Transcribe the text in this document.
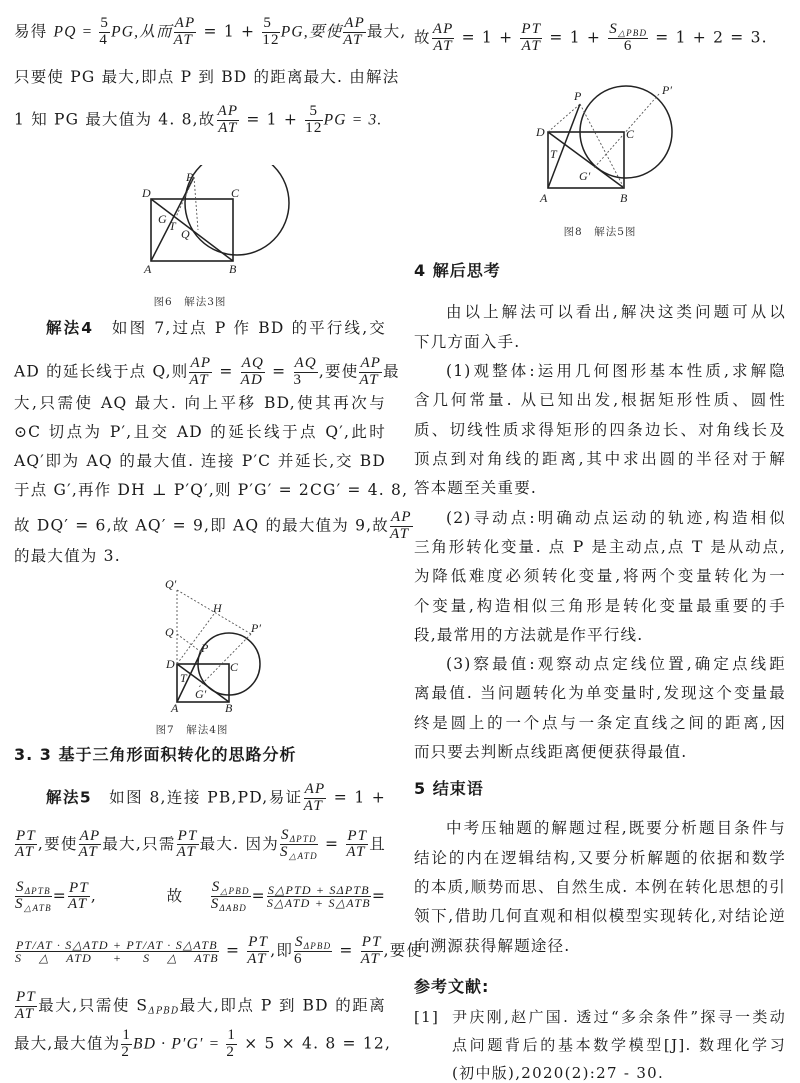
易得 PQ = $\frac{5}{4}$ PG,从而 $\frac{AP}{AT} = 1 + \frac{5}{12}$ PG,要使 $\frac{AP}{AT}$ 最大,
只要使 PG 最大,即点 P 到 BD 的距离最大. 由解法
1 知 PG 最大值为 4. 8,故 $\frac{AP}{AT} = 1 + \frac{5}{12}$ PG = 3.
D
P
C
G T
Q
A	B
图6　解法3图
解法4　 如图 7,过点 P 作 BD 的平行线,交
AD 的延长线于点 Q,则 $\frac{AP}{AT} = \frac{AQ}{AD} = \frac{AQ}{3}$ ,要使 $\frac{AP}{AT}$ 最
大,只需使 AQ 最大. 向上平移 BD,使其再次与
⊙C 切点为 P′,且交 AD 的延长线于点 Q′,此时
AQ′即为 AQ 的最大值. 连接 P′C 并延长,交 BD
于点 G′,再作 DH ⊥ P′Q′,则 P′G′ = 2CG′ = 4. 8,
故 DQ′ = 6,故 AQ′ = 9,即 AQ 的最大值为 9,故 $\frac{AP}{AT}$
的最大值为 3.
Q′
H
Q	P′
P
D	C
T
G′
A	B
图7　解法4图
3. 3 基于三角形面积转化的思路分析
解法5　 如图 8,连接 PB,PD,易证 $\frac{AP}{AT} = 1$ +
$\frac{PT}{AT}$ ,要使 $\frac{AP}{AT}$ 最大,只需 $\frac{PT}{AT}$ 最大. 因为 $\frac{S_{\Delta PTD}}{S_{\triangle ATD}} = \frac{PT}{AT}$ 且
$\frac{S_{\Delta PTB}}{S_{\triangle ATB}} = \frac{PT}{AT}$ ,　故 $\frac{S_{\triangle PBD}}{S_{\Delta ABD}} = \frac{\text{S△PTD + SΔPTB}}{\text{S△ATD + S△ATB}}$ =
$\frac{\text{PT/AT · S△ATD + PT/AT · S△ATB}}{\text{S△ATD + S△ATB}} = \frac{PT}{AT}$ ,即 $\frac{S_{\Delta PBD}}{6} = \frac{PT}{AT}$ ,要使
$\frac{PT}{AT}$ 最大,只需使 $S_{\Delta PBD}$最大,即点 P 到 BD 的距离
最大,最大值为 $\frac{1}{2}$ BD · $P'G' = \frac{1}{2} \times 5 \times 4$. 8 = 12,
故 $\frac{AP}{AT} = 1 + \frac{PT}{AT} = 1 + \frac{S_{\triangle PBD}}{6} = 1 + 2 = 3$.
P	P′
D	C
T
G′
A	B
图8　解法5图
4 解后思考
由以上解法可以看出,解决这类问题可从以
下几方面入手.
(1)观整体:运用几何图形基本性质,求解隐
含几何常量. 从已知出发,根据矩形性质、圆性
质、切线性质求得矩形的四条边长、对角线长及
顶点到对角线的距离,其中求出圆的半径对于解
答本题至关重要.
(2)寻动点:明确动点运动的轨迹,构造相似
三角形转化变量. 点 P 是主动点,点 T 是从动点,
为降低难度必须转化变量,将两个变量转化为一
个变量,构造相似三角形是转化变量最重要的手
段,最常用的方法就是作平行线.
(3)察最值:观察动点定线位置,确定点线距
离最值. 当问题转化为单变量时,发现这个变量最
终是圆上的一个点与一条定直线之间的距离,因
而只要去判断点线距离便便获得最值.
5 结束语
中考压轴题的解题过程,既要分析题目条件与
结论的内在逻辑结构,又要分析解题的依据和数学
的本质,顺势而思、自然生成. 本例在转化思想的引
领下,借助几何直观和相似模型实现转化,对结论逆
向溯源获得解题途径.
参考文献:
[1] 尹庆刚,赵广国. 透过“多余条件”探寻一类动
点问题背后的基本数学模型[J]. 数理化学习
(初中版),2020(2):27 - 30.
